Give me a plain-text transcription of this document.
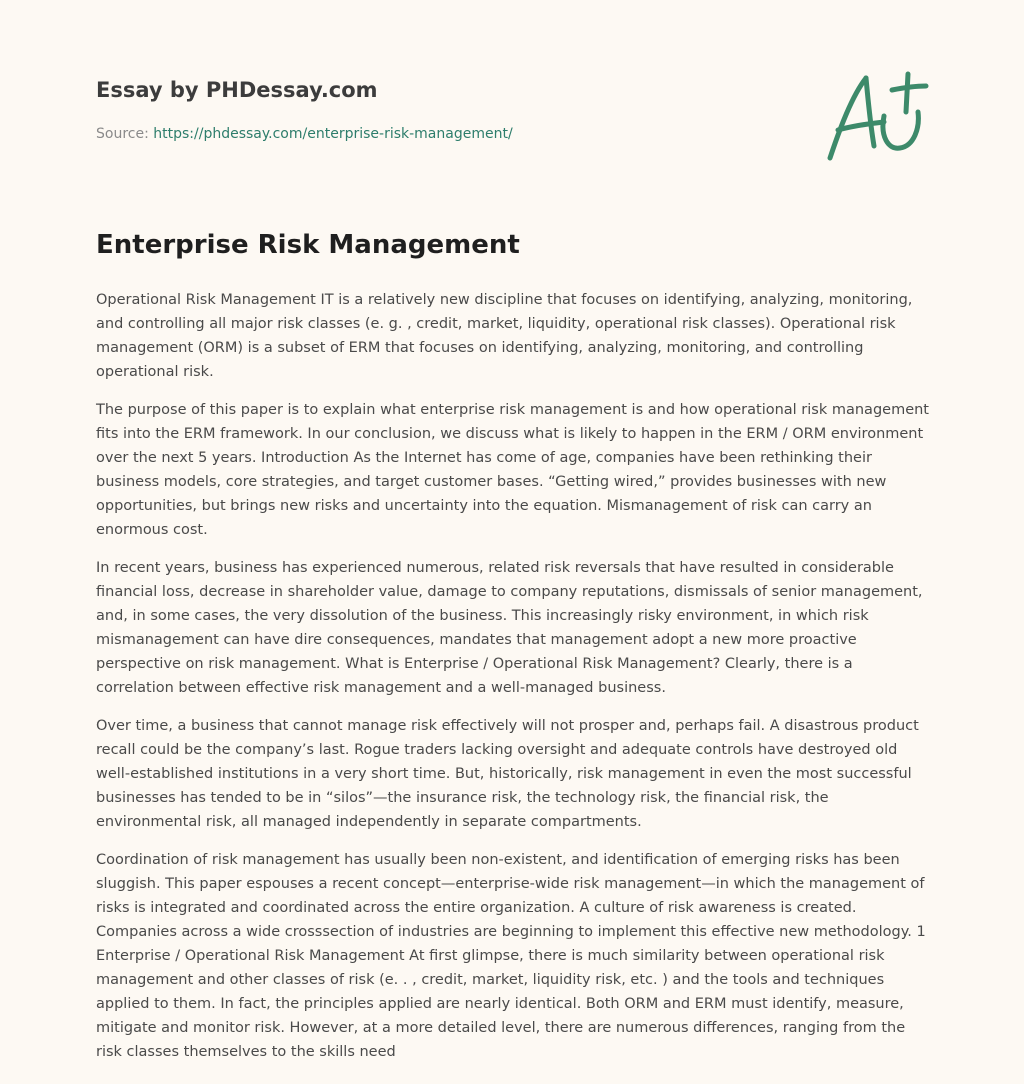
Essay by PHDessay.com
Source: https://phdessay.com/enterprise-risk-management/
Enterprise Risk Management

Operational Risk Management IT is a relatively new discipline that focuses on identifying, analyzing, monitoring, and controlling all major risk classes (e. g. , credit, market, liquidity, operational risk classes). Operational risk management (ORM) is a subset of ERM that focuses on identifying, analyzing, monitoring, and controlling operational risk.

The purpose of this paper is to explain what enterprise risk management is and how operational risk management fits into the ERM framework. In our conclusion, we discuss what is likely to happen in the ERM / ORM environment over the next 5 years. Introduction As the Internet has come of age, companies have been rethinking their business models, core strategies, and target customer bases. “Getting wired,” provides businesses with new opportunities, but brings new risks and uncertainty into the equation. Mismanagement of risk can carry an enormous cost.

In recent years, business has experienced numerous, related risk reversals that have resulted in considerable financial loss, decrease in shareholder value, damage to company reputations, dismissals of senior management, and, in some cases, the very dissolution of the business. This increasingly risky environment, in which risk mismanagement can have dire consequences, mandates that management adopt a new more proactive perspective on risk management. What is Enterprise / Operational Risk Management? Clearly, there is a correlation between effective risk management and a well-managed business.

Over time, a business that cannot manage risk effectively will not prosper and, perhaps fail. A disastrous product recall could be the company’s last. Rogue traders lacking oversight and adequate controls have destroyed old well-established institutions in a very short time. But, historically, risk management in even the most successful businesses has tended to be in “silos”—the insurance risk, the technology risk, the financial risk, the environmental risk, all managed independently in separate compartments.

Coordination of risk management has usually been non-existent, and identification of emerging risks has been sluggish. This paper espouses a recent concept—enterprise-wide risk management—in which the management of risks is integrated and coordinated across the entire organization. A culture of risk awareness is created. Companies across a wide crosssection of industries are beginning to implement this effective new methodology. 1 Enterprise / Operational Risk Management At first glimpse, there is much similarity between operational risk management and other classes of risk (e. . , credit, market, liquidity risk, etc. ) and the tools and techniques applied to them. In fact, the principles applied are nearly identical. Both ORM and ERM must identify, measure, mitigate and monitor risk. However, at a more detailed level, there are numerous differences, ranging from the risk classes themselves to the skills need
